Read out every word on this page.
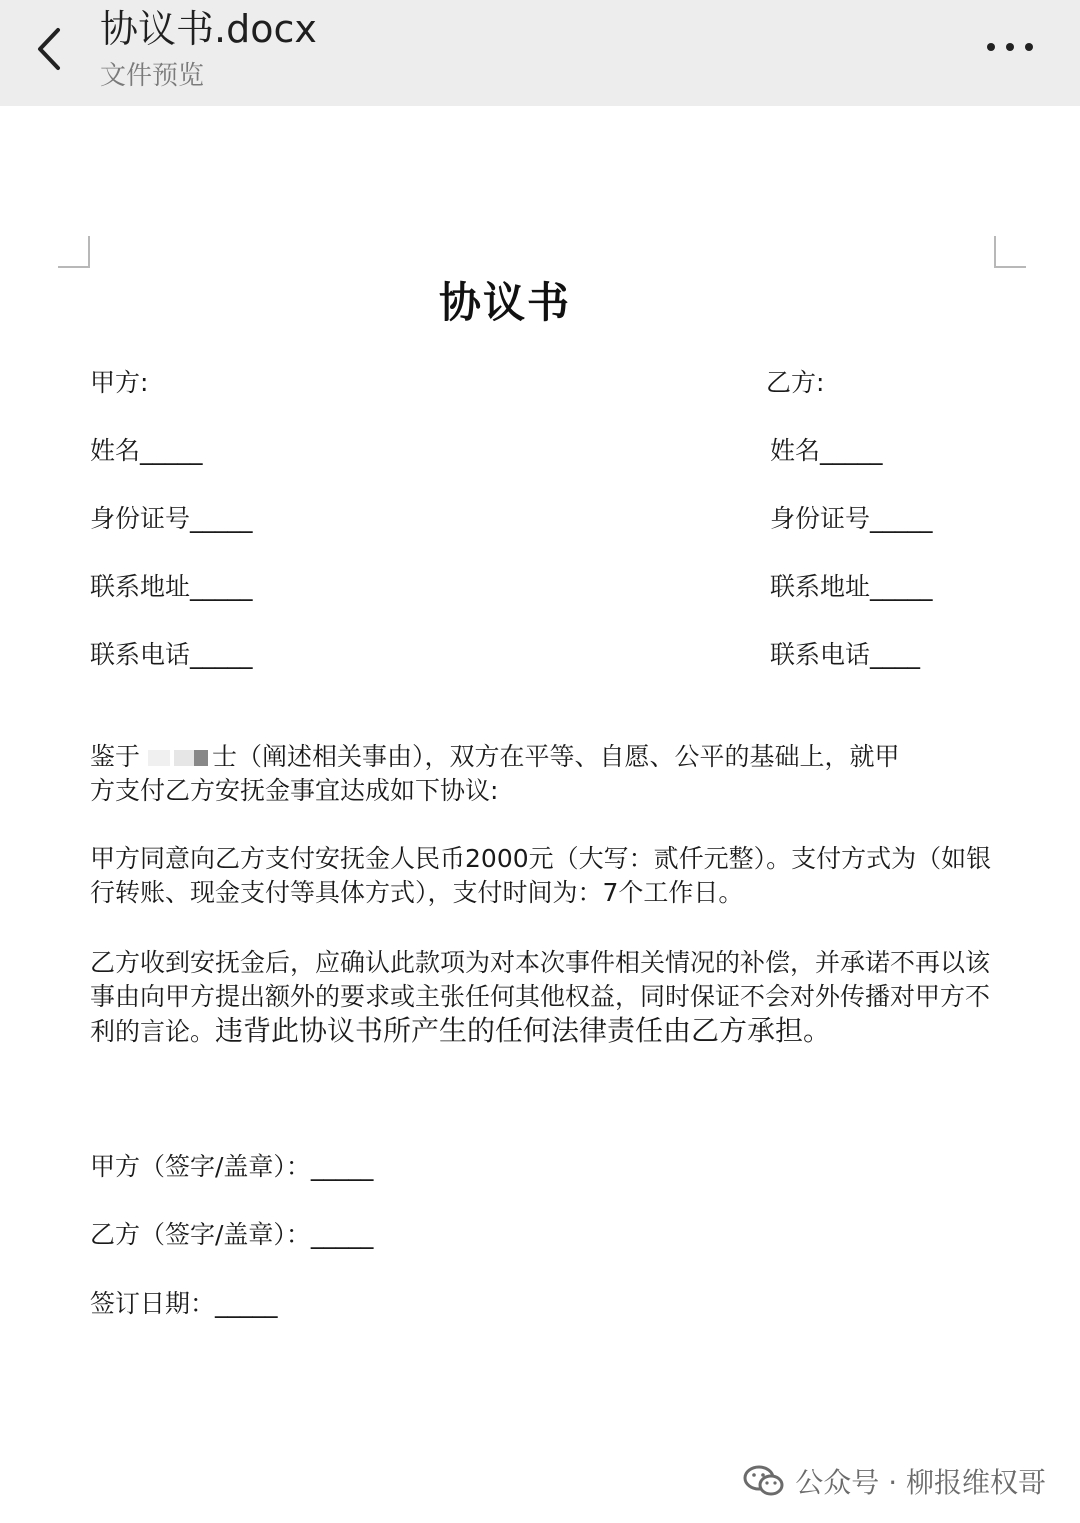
协议书.docx
文件预览
协议书
甲方:
姓名_____
身份证号_____
联系地址_____
联系电话_____
乙方:
姓名_____
身份证号_____
联系地址_____
联系电话____
鉴于	士（阐述相关事由），双方在平等、自愿、公平的基础上，就甲
方支付乙方安抚金事宜达成如下协议:
甲方同意向乙方支付安抚金人民币2000元（大写：贰仟元整）。支付方式为（如银行转账、现金支付等具体方式），支付时间为：7个工作日。
乙方收到安抚金后，应确认此款项为对本次事件相关情况的补偿，并承诺不再以该事由向甲方提出额外的要求或主张任何其他权益，同时保证不会对外传播对甲方不利的言论。违背此协议书所产生的任何法律责任由乙方承担。
甲方（签字/盖章）：_____
乙方（签字/盖章）：_____
签订日期：_____
公众号 · 柳报维权哥
